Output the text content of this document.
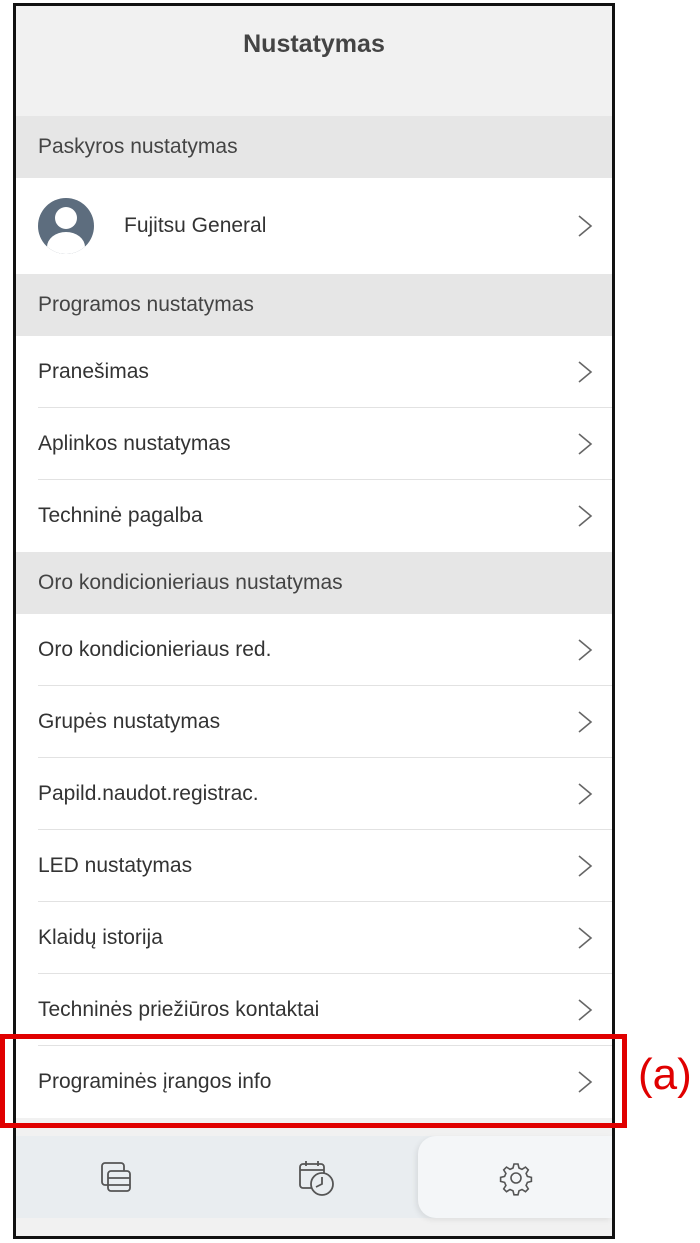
Nustatymas
Paskyros nustatymas
Fujitsu General
Programos nustatymas
Pranešimas
Aplinkos nustatymas
Techninė pagalba
Oro kondicionieriaus nustatymas
Oro kondicionieriaus red.
Grupės nustatymas
Papild.naudot.registrac.
LED nustatymas
Klaidų istorija
Techninės priežiūros kontaktai
Programinės įrangos info	(a)
